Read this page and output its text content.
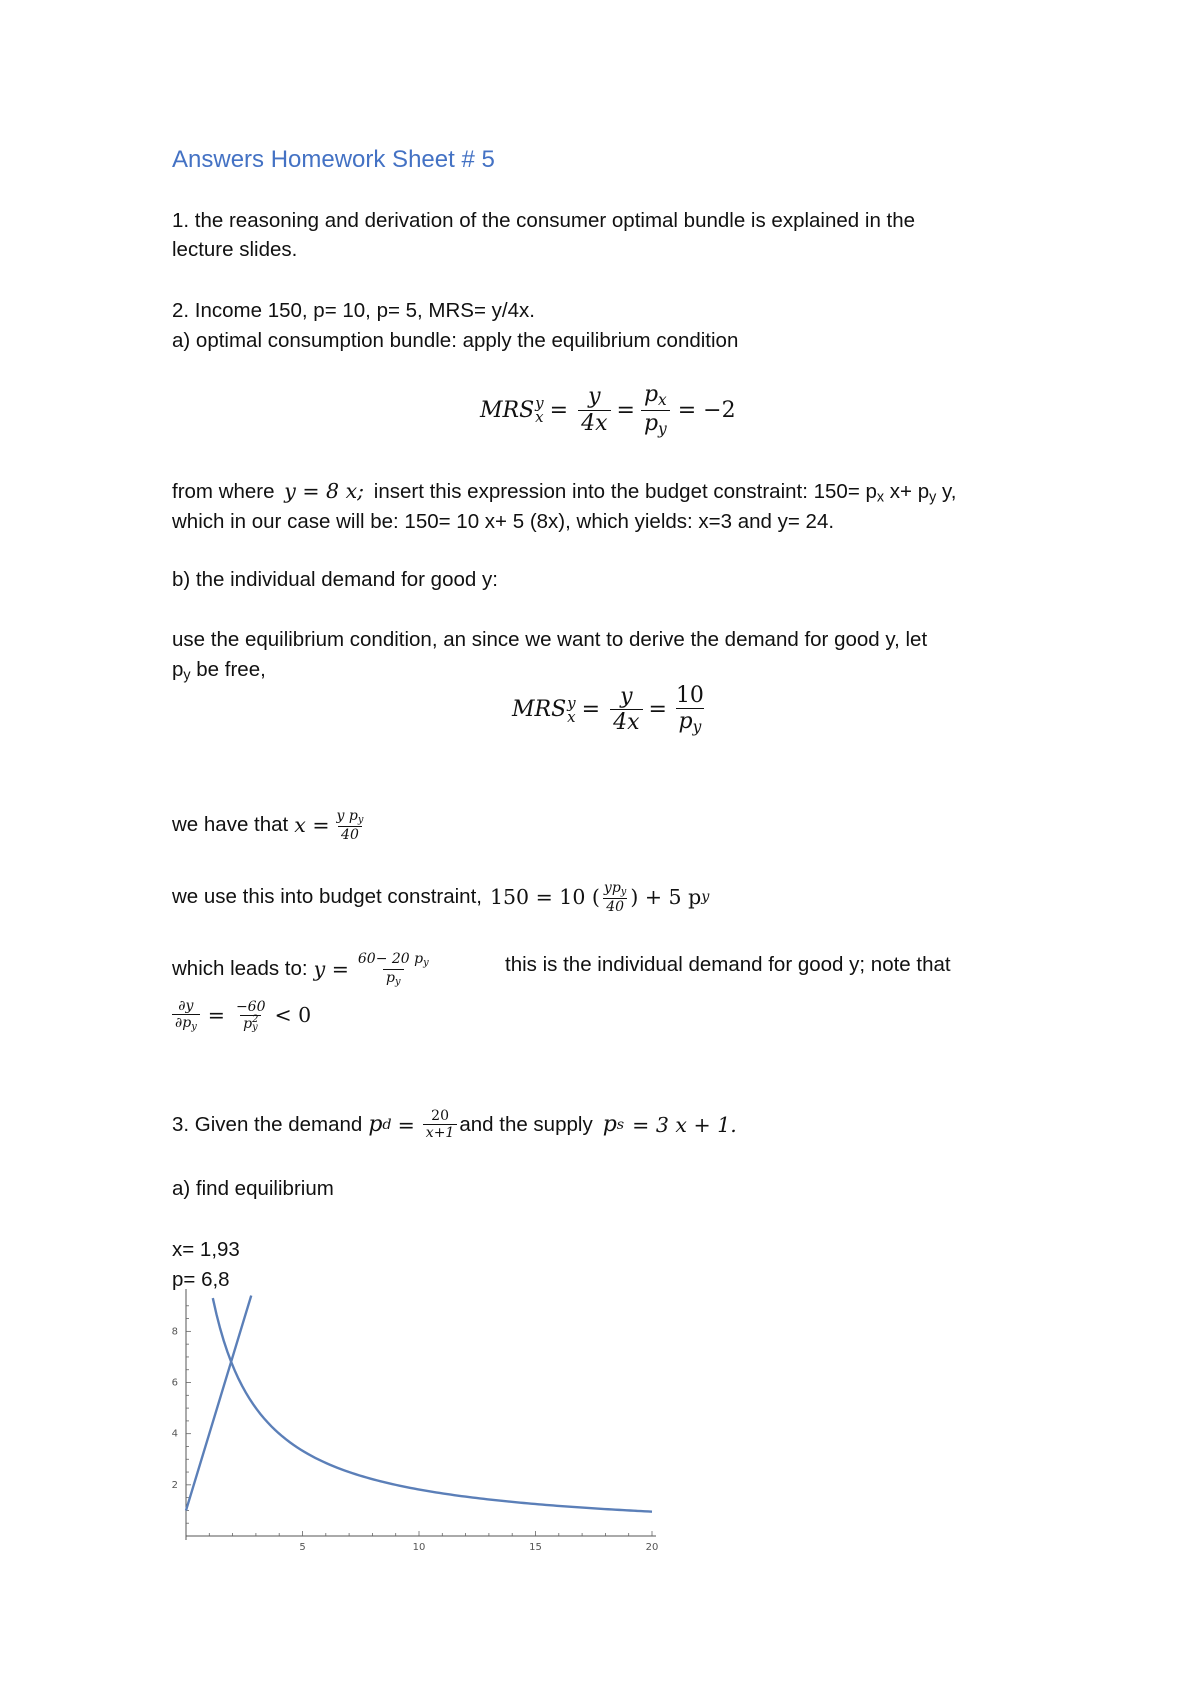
Answers Homework Sheet # 5
1. the reasoning and derivation of the consumer optimal bundle is explained in the
lecture slides.
2. Income 150, p= 10, p= 5, MRS= y/4x.
a) optimal consumption bundle: apply the equilibrium condition
MRS y
$x = \frac{y}{4x} = \frac{p_x}{p_y} = -2$
from where y = 8 x; insert this expression into the budget constraint: $150= p_x$ $x+ p_y$ y,
which in our case will be: 150= 10 x+ 5 (8x), which yields: x=3 and y= 24.
b) the individual demand for good y:
use the equilibrium condition, an since we want to derive the demand for good y, let
$p_y$ be free,
MRS y
$x = \frac{y}{4x} = \frac{10}{p_y}$
we have that $x = \frac{y p_y}{40}$
we use this into budget constraint, 150 = 10 ( $\frac{yp_y}{40}$ ) + 5 p y
which leads to: $y = \frac{60- 20 p_y}{p_y}$	this is the individual demand for good y; note that
$\frac{\partial y}{\partial p_y} = -60$
p 2
y < 0
3. Given the demand p $d = \frac{20}{x+1}$ and the supply p s = 3 x + 1.
a) find equilibrium
x= 1,93
p= 6,8
5	10	15	20
2
4
6
8
